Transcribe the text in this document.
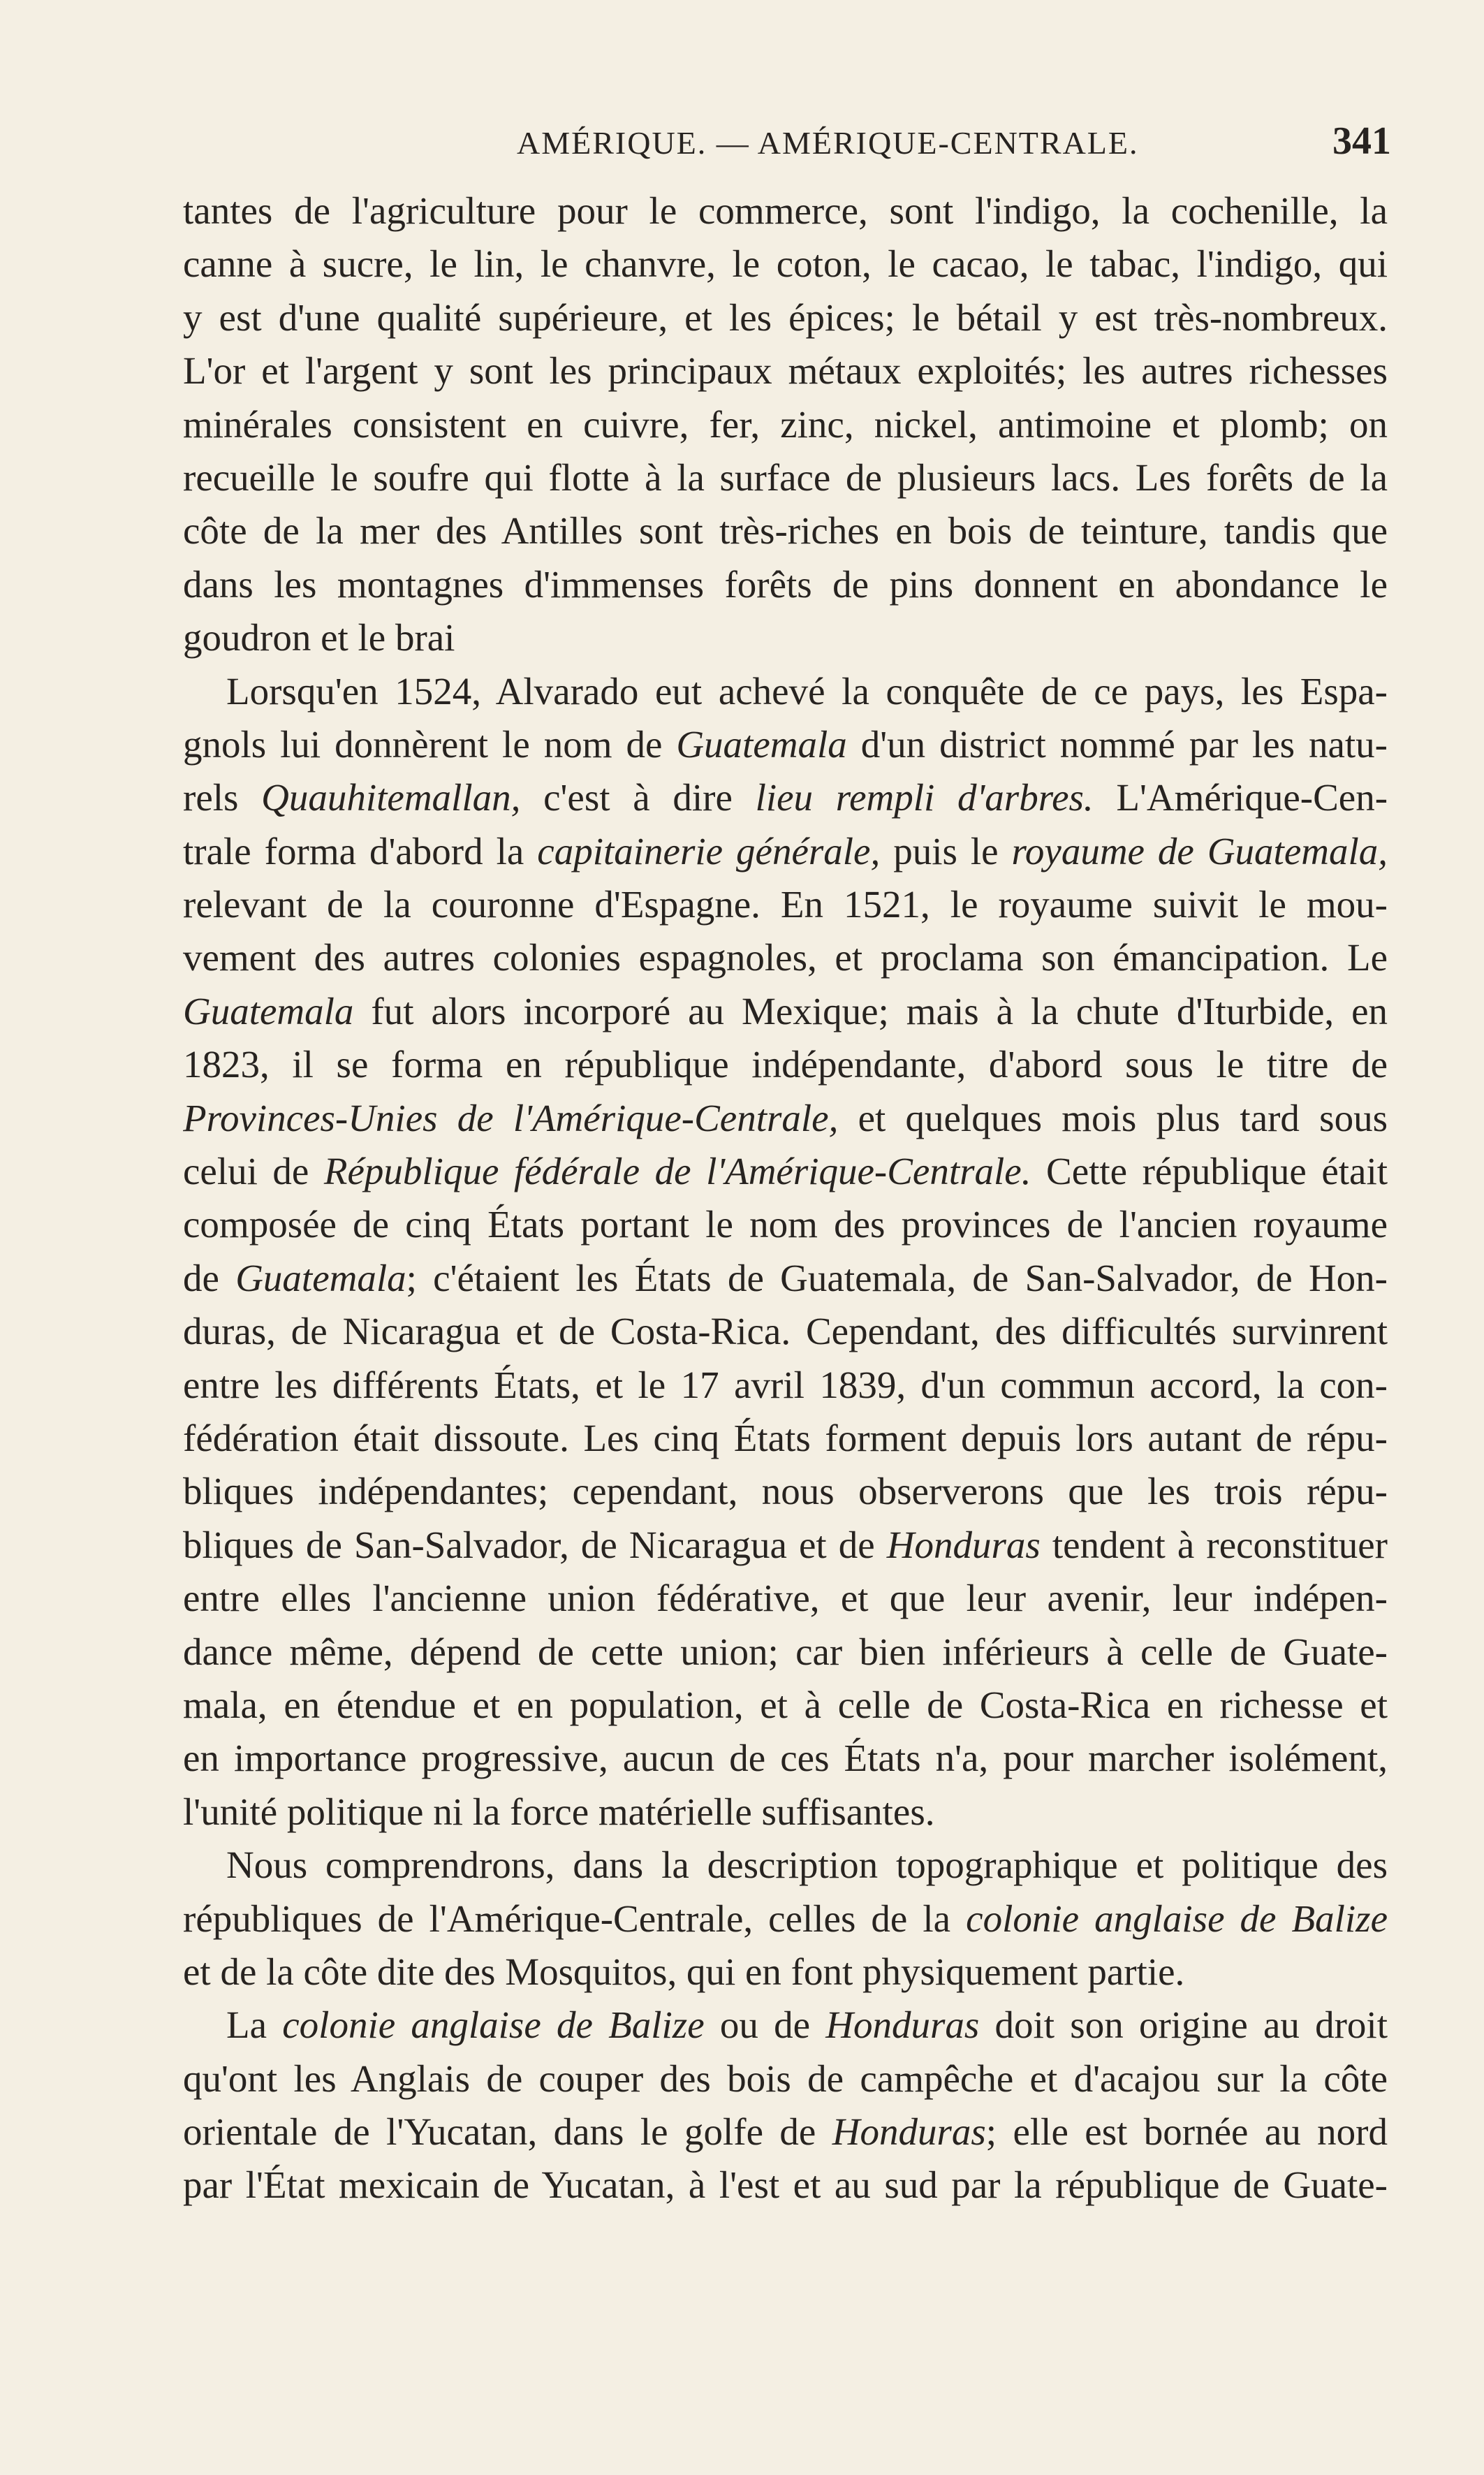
AMÉRIQUE. — AMÉRIQUE-CENTRALE.	341
tantes de l'agriculture pour le commerce, sont l'indigo, la cochenille, la
canne à sucre, le lin, le chanvre, le coton, le cacao, le tabac, l'indigo, qui
y est d'une qualité supérieure, et les épices; le bétail y est très-nombreux.
L'or et l'argent y sont les principaux métaux exploités; les autres richesses
minérales consistent en cuivre, fer, zinc, nickel, antimoine et plomb; on
recueille le soufre qui flotte à la surface de plusieurs lacs. Les forêts de la
côte de la mer des Antilles sont très-riches en bois de teinture, tandis que
dans les montagnes d'immenses forêts de pins donnent en abondance le
goudron et le brai
Lorsqu'en 1524, Alvarado eut achevé la conquête de ce pays, les Espa-
gnols lui donnèrent le nom de Guatemala d'un district nommé par les natu-
rels Quauhitemallan, c'est à dire lieu rempli d'arbres. L'Amérique-Cen-
trale forma d'abord la capitainerie générale, puis le royaume de Guatemala,
relevant de la couronne d'Espagne. En 1521, le royaume suivit le mou-
vement des autres colonies espagnoles, et proclama son émancipation. Le
Guatemala fut alors incorporé au Mexique; mais à la chute d'Iturbide, en
1823, il se forma en république indépendante, d'abord sous le titre de
Provinces-Unies de l'Amérique-Centrale, et quelques mois plus tard sous
celui de République fédérale de l'Amérique-Centrale. Cette république était
composée de cinq États portant le nom des provinces de l'ancien royaume
de Guatemala; c'étaient les États de Guatemala, de San-Salvador, de Hon-
duras, de Nicaragua et de Costa-Rica. Cependant, des difficultés survinrent
entre les différents États, et le 17 avril 1839, d'un commun accord, la con-
fédération était dissoute. Les cinq États forment depuis lors autant de répu-
bliques indépendantes; cependant, nous observerons que les trois répu-
bliques de San-Salvador, de Nicaragua et de Honduras tendent à reconstituer
entre elles l'ancienne union fédérative, et que leur avenir, leur indépen-
dance même, dépend de cette union; car bien inférieurs à celle de Guate-
mala, en étendue et en population, et à celle de Costa-Rica en richesse et
en importance progressive, aucun de ces États n'a, pour marcher isolément,
l'unité politique ni la force matérielle suffisantes.
Nous comprendrons, dans la description topographique et politique des
républiques de l'Amérique-Centrale, celles de la colonie anglaise de Balize
et de la côte dite des Mosquitos, qui en font physiquement partie.
La colonie anglaise de Balize ou de Honduras doit son origine au droit
qu'ont les Anglais de couper des bois de campêche et d'acajou sur la côte
orientale de l'Yucatan, dans le golfe de Honduras; elle est bornée au nord
par l'État mexicain de Yucatan, à l'est et au sud par la république de Guate-
